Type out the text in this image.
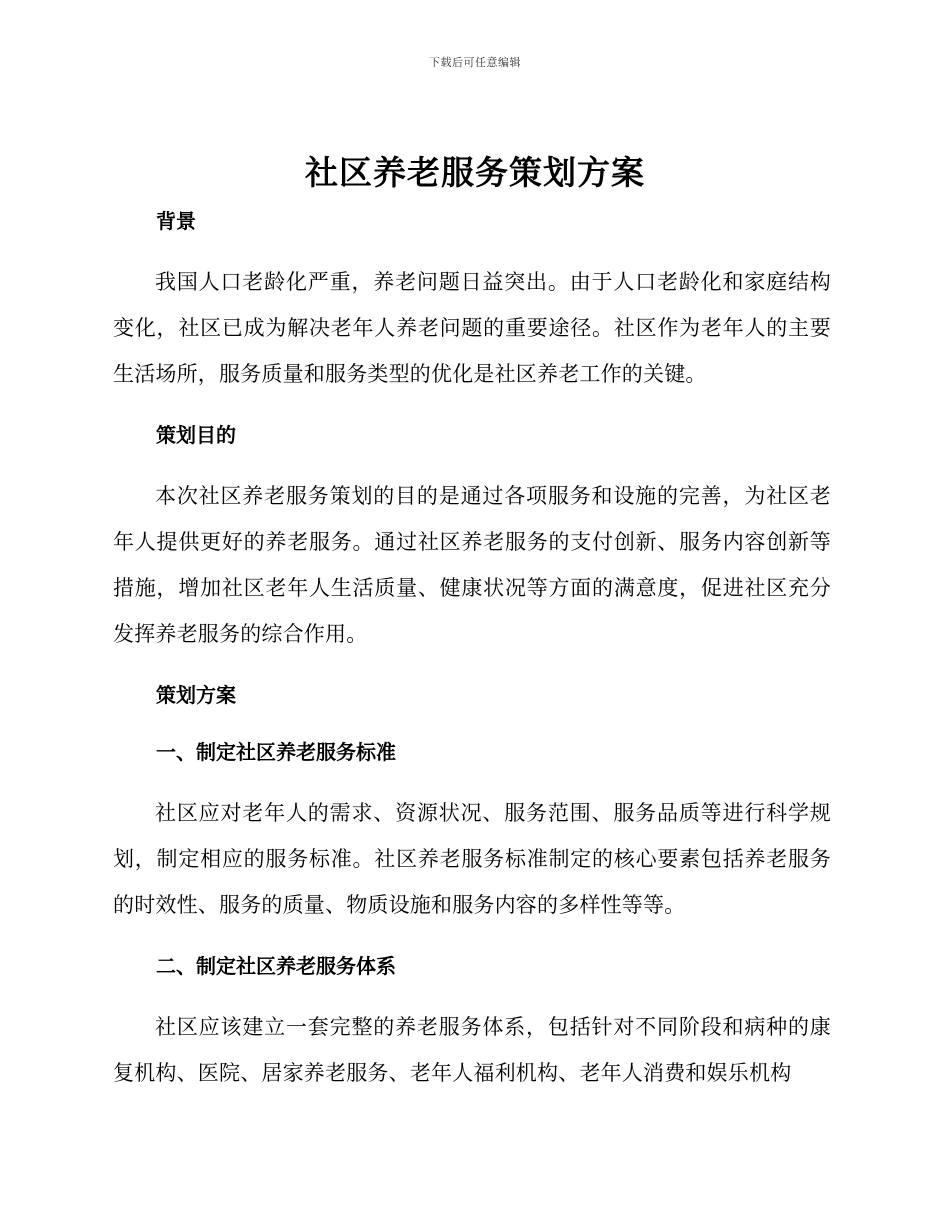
下载后可任意编辑
社区养老服务策划方案
背景

我国人口老龄化严重，养老问题日益突出。由于人口老龄化和家庭结构变化，社区已成为解决老年人养老问题的重要途径。社区作为老年人的主要生活场所，服务质量和服务类型的优化是社区养老工作的关键。

策划目的

本次社区养老服务策划的目的是通过各项服务和设施的完善，为社区老年人提供更好的养老服务。通过社区养老服务的支付创新、服务内容创新等措施，增加社区老年人生活质量、健康状况等方面的满意度，促进社区充分发挥养老服务的综合作用。

策划方案
一、制定社区养老服务标准

社区应对老年人的需求、资源状况、服务范围、服务品质等进行科学规划，制定相应的服务标准。社区养老服务标准制定的核心要素包括养老服务的时效性、服务的质量、物质设施和服务内容的多样性等等。

二、制定社区养老服务体系

社区应该建立一套完整的养老服务体系，包括针对不同阶段和病种的康复机构、医院、居家养老服务、老年人福利机构、老年人消费和娱乐机构
